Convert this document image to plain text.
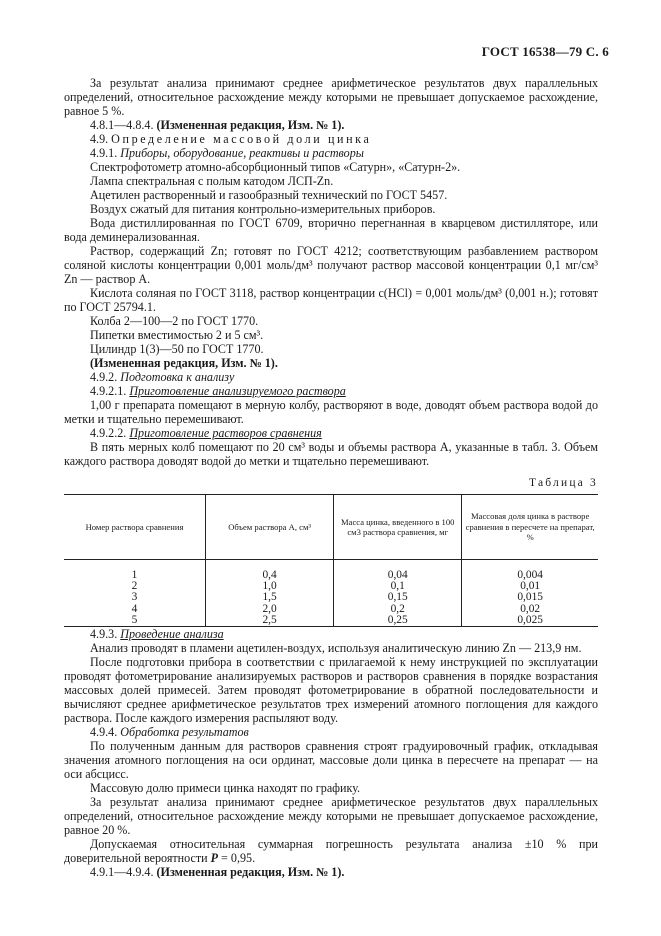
ГОСТ 16538—79 С. 6

За результат анализа принимают среднее арифметическое результатов двух параллельных определений, относительное расхождение между которыми не превышает допускаемое расхождение, равное 5 %.

4.8.1—4.8.4. (Измененная редакция, Изм. № 1).

4.9. Определение массовой доли цинка

4.9.1. Приборы, оборудование, реактивы и растворы

Спектрофотометр атомно-абсорбционный типов «Сатурн», «Сатурн-2».

Лампа спектральная с полым катодом ЛСП-Zn.

Ацетилен растворенный и газообразный технический по ГОСТ 5457.

Воздух сжатый для питания контрольно-измерительных приборов.

Вода дистиллированная по ГОСТ 6709, вторично перегнанная в кварцевом дистилляторе, или вода деминерализованная.

Раствор, содержащий Zn; готовят по ГОСТ 4212; соответствующим разбавлением раствором соляной кислоты концентрации 0,001 моль/дм³ получают раствор массовой концентрации 0,1 мг/см³ Zn — раствор А.

Кислота соляная по ГОСТ 3118, раствор концентрации c(HCl) = 0,001 моль/дм³ (0,001 н.); готовят по ГОСТ 25794.1.

Колба 2—100—2 по ГОСТ 1770.

Пипетки вместимостью 2 и 5 см³.

Цилиндр 1(3)—50 по ГОСТ 1770.

(Измененная редакция, Изм. № 1).

4.9.2. Подготовка к анализу

4.9.2.1. Приготовление анализируемого раствора

1,00 г препарата помещают в мерную колбу, растворяют в воде, доводят объем раствора водой до метки и тщательно перемешивают.

4.9.2.2. Приготовление растворов сравнения

В пять мерных колб помещают по 20 см³ воды и объемы раствора А, указанные в табл. 3. Объем каждого раствора доводят водой до метки и тщательно перемешивают.

Таблица 3
Номер раствора сравнения	Объем раствора А, см³	Масса цинка, введенного в 100 см3 раствора сравнения, мг	Массовая доля цинка в растворе сравнения в пересчете на препарат, %
1	0,4	0,04	0,004
2	1,0	0,1	0,01
3	1,5	0,15	0,015
4	2,0	0,2	0,02
5	2,5	0,25	0,025

4.9.3. Проведение анализа

Анализ проводят в пламени ацетилен-воздух, используя аналитическую линию Zn — 213,9 нм.

После подготовки прибора в соответствии с прилагаемой к нему инструкцией по эксплуатации проводят фотометрирование анализируемых растворов и растворов сравнения в порядке возрастания массовых долей примесей. Затем проводят фотометрирование в обратной последовательности и вычисляют среднее арифметическое результатов трех измерений атомного поглощения для каждого раствора. После каждого измерения распыляют воду.

4.9.4. Обработка результатов

По полученным данным для растворов сравнения строят градуировочный график, откладывая значения атомного поглощения на оси ординат, массовые доли цинка в пересчете на препарат — на оси абсцисс.

Массовую долю примеси цинка находят по графику.

За результат анализа принимают среднее арифметическое результатов двух параллельных определений, относительное расхождение между которыми не превышает допускаемое расхождение, равное 20 %.

Допускаемая относительная суммарная погрешность результата анализа ±10 % при доверительной вероятности P = 0,95.

4.9.1—4.9.4. (Измененная редакция, Изм. № 1).
